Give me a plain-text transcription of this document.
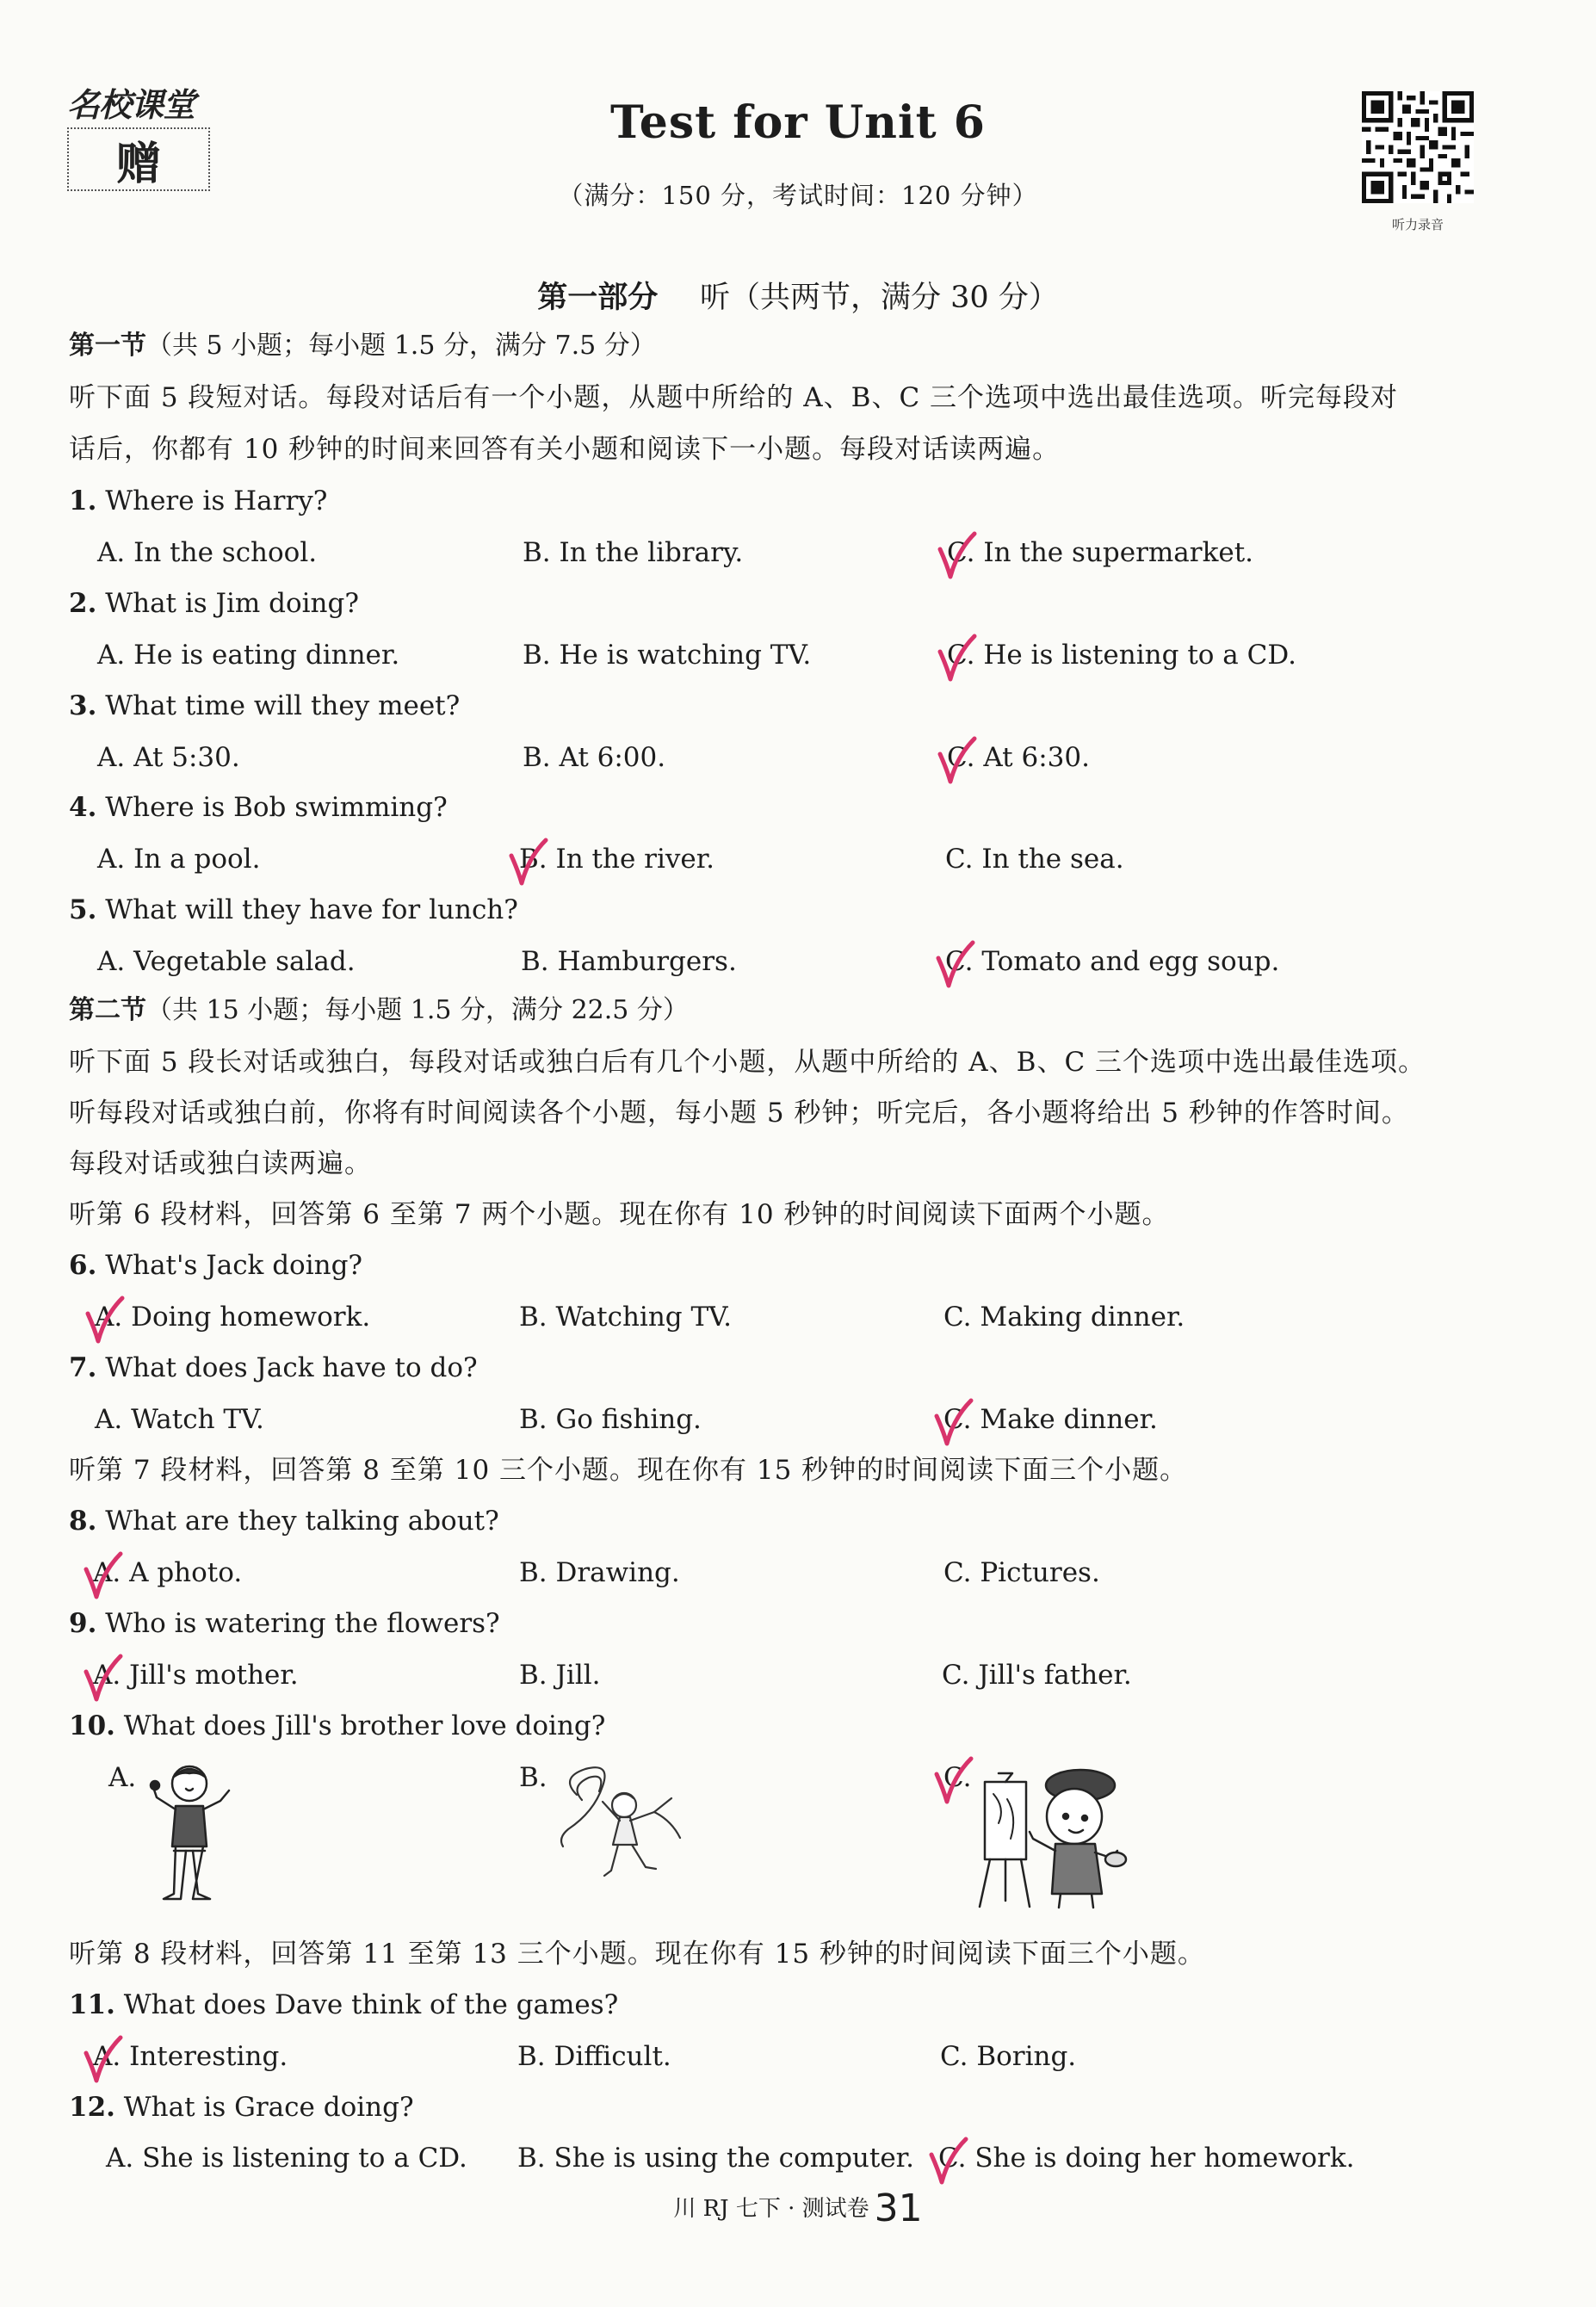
名校课堂
赠
Test for Unit 6
（满分：150 分，考试时间：120 分钟）
听力录音
第一部分 听（共两节，满分 30 分）
第一节（共 5 小题；每小题 1.5 分，满分 7.5 分）
听下面 5 段短对话。每段对话后有一个小题，从题中所给的 A、B、C 三个选项中选出最佳选项。听完每段对
话后，你都有 10 秒钟的时间来回答有关小题和阅读下一小题。每段对话读两遍。
1. Where is Harry?
A. In the school.	B. In the library.	C. In the supermarket.
2. What is Jim doing?
A. He is eating dinner.	B. He is watching TV.	C. He is listening to a CD.
3. What time will they meet?
A. At 5:30.	B. At 6:00.	C. At 6:30.
4. Where is Bob swimming?
A. In a pool.	B. In the river.	C. In the sea.
5. What will they have for lunch?
A. Vegetable salad.	B. Hamburgers.	C. Tomato and egg soup.
第二节（共 15 小题；每小题 1.5 分，满分 22.5 分）
听下面 5 段长对话或独白，每段对话或独白后有几个小题，从题中所给的 A、B、C 三个选项中选出最佳选项。
听每段对话或独白前，你将有时间阅读各个小题，每小题 5 秒钟；听完后，各小题将给出 5 秒钟的作答时间。
每段对话或独白读两遍。
听第 6 段材料，回答第 6 至第 7 两个小题。现在你有 10 秒钟的时间阅读下面两个小题。
6. What's Jack doing?
A. Doing homework.	B. Watching TV.	C. Making dinner.
7. What does Jack have to do?
A. Watch TV.	B. Go fishing.	C. Make dinner.
听第 7 段材料，回答第 8 至第 10 三个小题。现在你有 15 秒钟的时间阅读下面三个小题。
8. What are they talking about?
A. A photo.	B. Drawing.	C. Pictures.
9. Who is watering the flowers?
A. Jill's mother.	B. Jill.	C. Jill's father.
10. What does Jill's brother love doing?
A.	B.	C.
听第 8 段材料，回答第 11 至第 13 三个小题。现在你有 15 秒钟的时间阅读下面三个小题。
11. What does Dave think of the games?
A. Interesting.	B. Difficult.	C. Boring.
12. What is Grace doing?
A. She is listening to a CD. B. She is using the computer. C. She is doing her homework.
川 RJ 七下 · 测试卷 31
